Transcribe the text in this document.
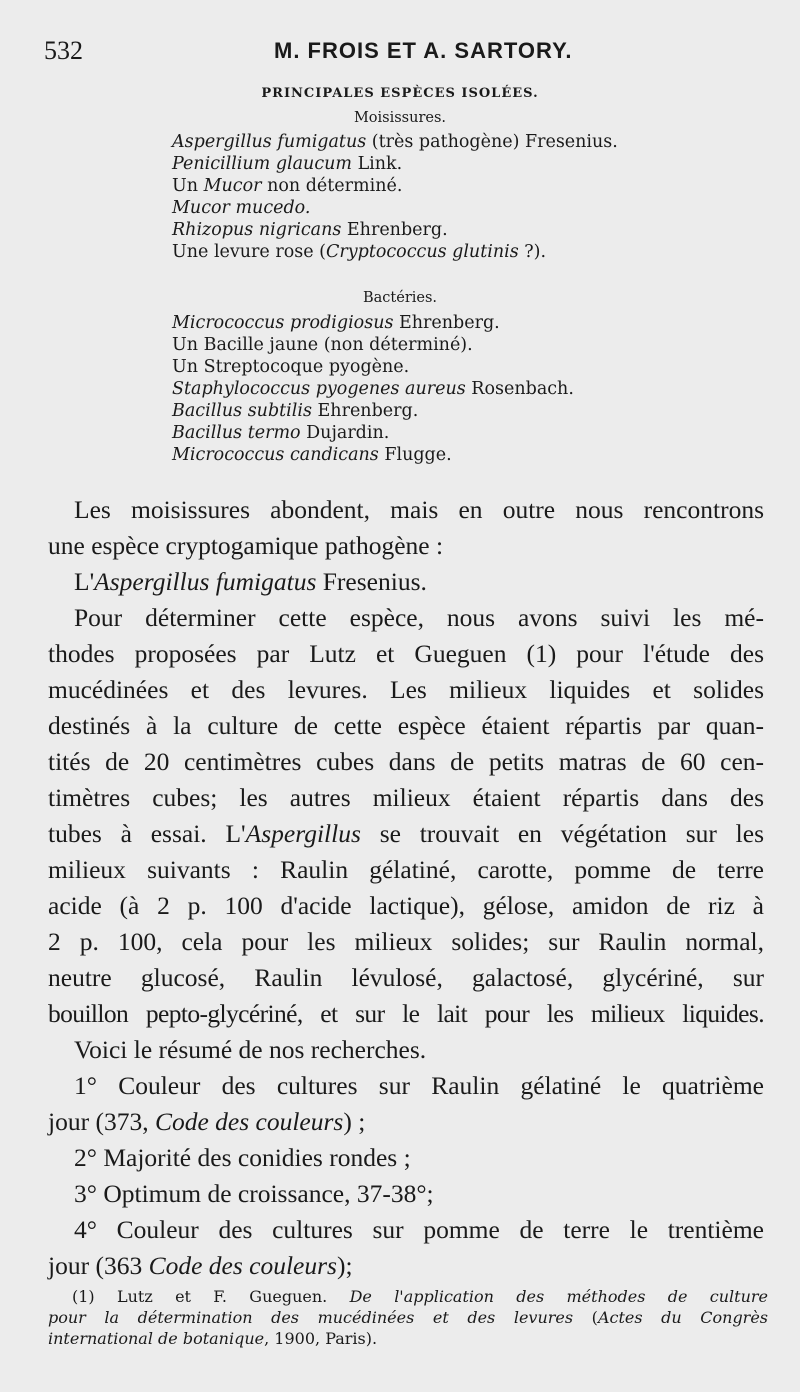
532	M. FROIS ET A. SARTORY.
PRINCIPALES ESPÈCES ISOLÉES.
Moisissures.
Aspergillus fumigatus (très pathogène) Fresenius.
Penicillium glaucum Link.
Un Mucor non déterminé.
Mucor mucedo.
Rhizopus nigricans Ehrenberg.
Une levure rose (Cryptococcus glutinis ?).
Bactéries.
Micrococcus prodigiosus Ehrenberg.
Un Bacille jaune (non déterminé).
Un Streptocoque pyogène.
Staphylococcus pyogenes aureus Rosenbach.
Bacillus subtilis Ehrenberg.
Bacillus termo Dujardin.
Micrococcus candicans Flugge.
Les moisissures abondent, mais en outre nous rencontrons
une espèce cryptogamique pathogène :
L'Aspergillus fumigatus Fresenius.
Pour déterminer cette espèce, nous avons suivi les mé-
thodes proposées par Lutz et Gueguen (1) pour l'étude des
mucédinées et des levures. Les milieux liquides et solides
destinés à la culture de cette espèce étaient répartis par quan-
tités de 20 centimètres cubes dans de petits matras de 60 cen-
timètres cubes; les autres milieux étaient répartis dans des
tubes à essai. L'Aspergillus se trouvait en végétation sur les
milieux suivants : Raulin gélatiné, carotte, pomme de terre
acide (à 2 p. 100 d'acide lactique), gélose, amidon de riz à
2 p. 100, cela pour les milieux solides; sur Raulin normal,
neutre glucosé, Raulin lévulosé, galactosé, glycériné, sur
bouillon pepto-glycériné, et sur le lait pour les milieux liquides.
Voici le résumé de nos recherches.
1° Couleur des cultures sur Raulin gélatiné le quatrième
jour (373, Code des couleurs) ;
2° Majorité des conidies rondes ;
3° Optimum de croissance, 37-38°;
4° Couleur des cultures sur pomme de terre le trentième
jour (363 Code des couleurs);
(1) Lutz et F. Gueguen. De l'application des méthodes de culture
pour la détermination des mucédinées et des levures (Actes du Congrès
international de botanique, 1900, Paris).
